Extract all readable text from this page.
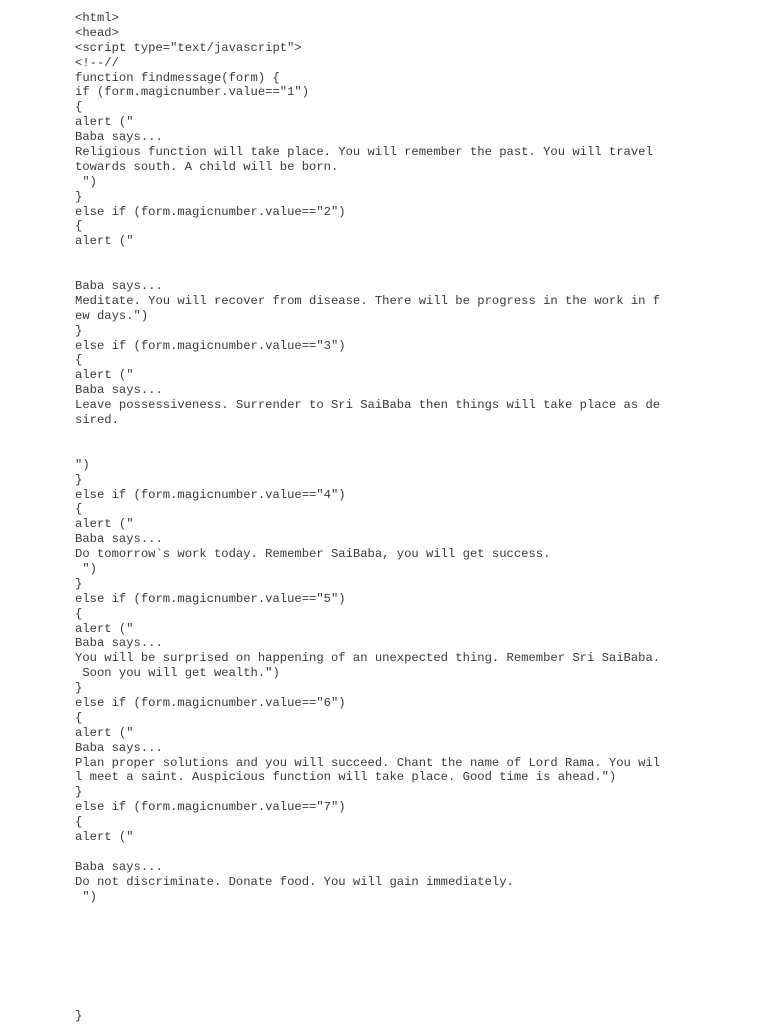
<html>
<head>
<script type="text/javascript">
<!--//
function findmessage(form) {
if (form.magicnumber.value=="1")
{
alert ("
Baba says...
Religious function will take place. You will remember the past. You will travel
towards south. A child will be born.
")
}
else if (form.magicnumber.value=="2")
{
alert ("
Baba says...
Meditate. You will recover from disease. There will be progress in the work in f
ew days.")
}
else if (form.magicnumber.value=="3")
{
alert ("
Baba says...
Leave possessiveness. Surrender to Sri SaiBaba then things will take place as de
sired.
")
}
else if (form.magicnumber.value=="4")
{
alert ("
Baba says...
Do tomorrow`s work today. Remember SaiBaba, you will get success.
")
}
else if (form.magicnumber.value=="5")
{
alert ("
Baba says...
You will be surprised on happening of an unexpected thing. Remember Sri SaiBaba.
Soon you will get wealth.")
}
else if (form.magicnumber.value=="6")
{
alert ("
Baba says...
Plan proper solutions and you will succeed. Chant the name of Lord Rama. You wil
l meet a saint. Auspicious function will take place. Good time is ahead.")
}
else if (form.magicnumber.value=="7")
{
alert ("
Baba says...
Do not discriminate. Donate food. You will gain immediately.
")
}
